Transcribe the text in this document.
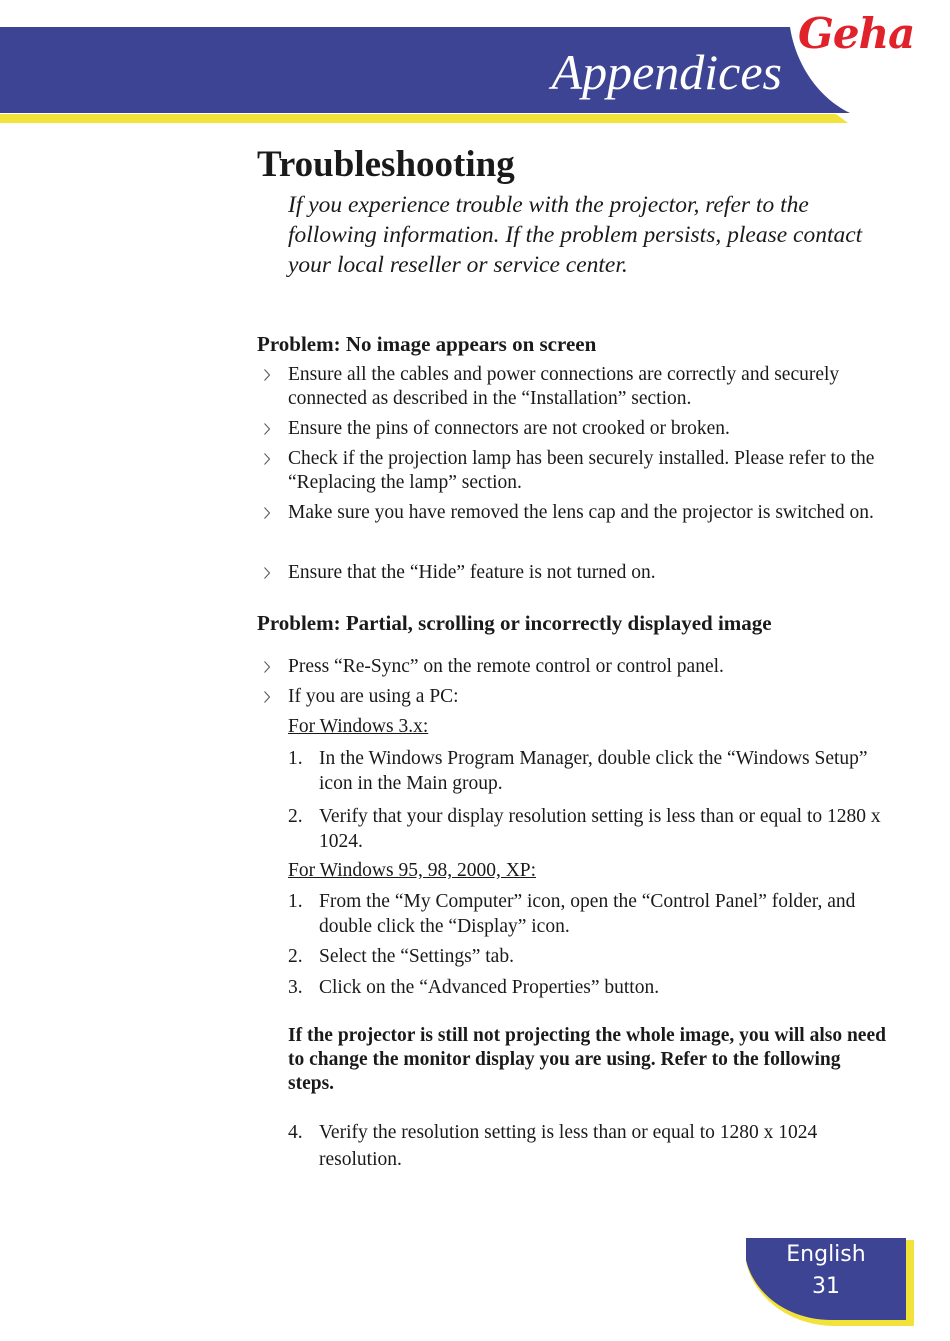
Geha
Appendices
Troubleshooting

If you experience trouble with the projector, refer to the following information. If the problem persists, please contact your local reseller or service center.

Problem: No image appears on screen
Ensure all the cables and power connections are correctly and securely connected as described in the “Installation” section.
Ensure the pins of connectors are not crooked or broken.
Check if the projection lamp has been securely installed. Please refer to the “Replacing the lamp” section.
Make sure you have removed the lens cap and the projector is switched on.
Ensure that the “Hide” feature is not turned on.
Problem: Partial, scrolling or incorrectly displayed image
Press “Re-Sync” on the remote control or control panel.
If you are using a PC:
For Windows 3.x:
1. In the Windows Program Manager, double click the “Windows Setup” icon in the Main group.
2. Verify that your display resolution setting is less than or equal to 1280 x 1024.
For Windows 95, 98, 2000, XP:
1. From the “My Computer” icon, open the “Control Panel” folder, and double click the “Display” icon.
2. Select the “Settings” tab.
3. Click on the “Advanced Properties” button.

If the projector is still not projecting the whole image, you will also need to change the monitor display you are using. Refer to the following steps.

4. Verify the resolution setting is less than or equal to 1280 x 1024 resolution.
English
31
